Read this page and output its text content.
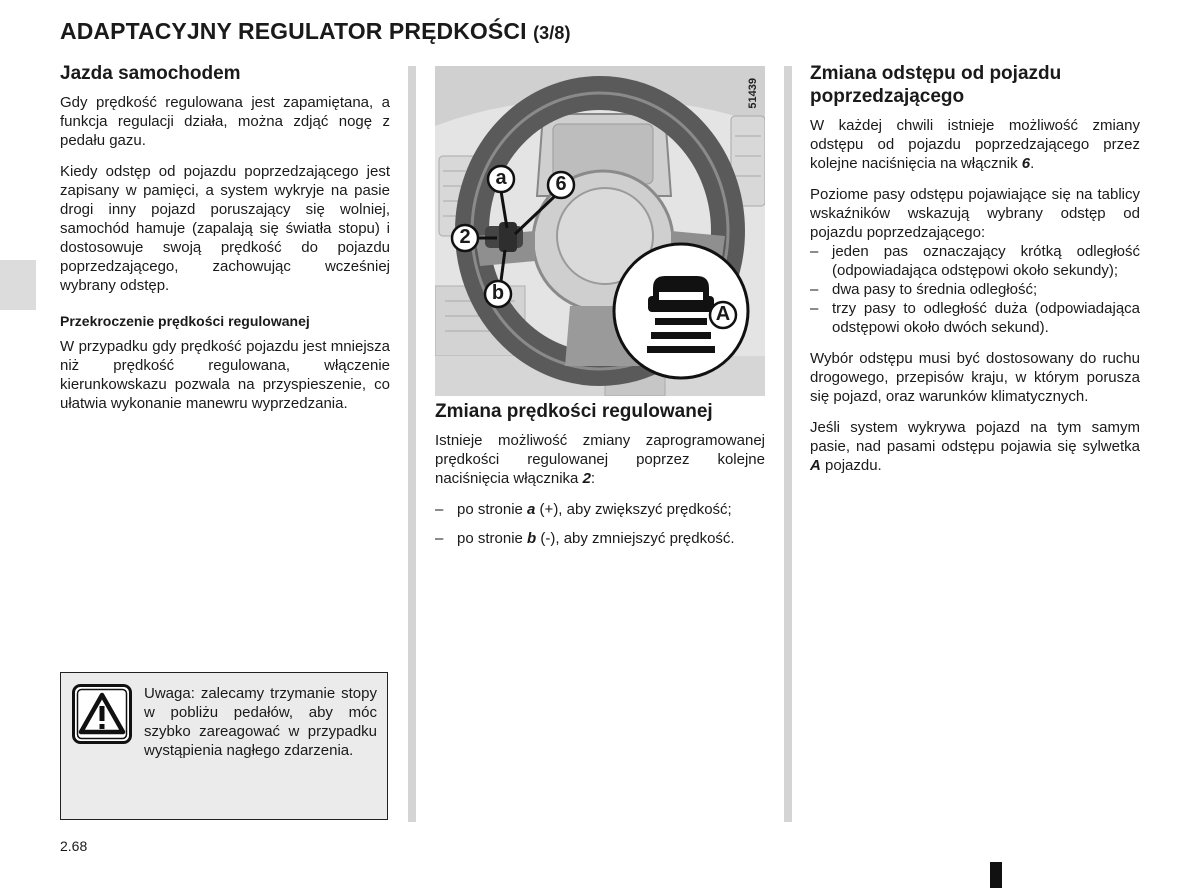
ADAPTACYJNY REGULATOR PRĘDKOŚCI (3/8)
Jazda samochodem

Gdy prędkość regulowana jest zapamiętana, a funkcja regulacji działa, można zdjąć nogę z pedału gazu.

Kiedy odstęp od pojazdu poprzedzającego jest zapisany w pamięci, a system wykryje na pasie drogi inny pojazd poruszający się wolniej, samochód hamuje (zapalają się światła stopu) i dostosowuje swoją prędkość do pojazdu poprzedzającego, zachowując wcześniej wybrany odstęp.

Przekroczenie prędkości regulowanej

W przypadku gdy prędkość pojazdu jest mniejsza niż prędkość regulowana, włączenie kierunkowskazu pozwala na przyspieszenie, co ułatwia wykonanie manewru wyprzedzania.

Uwaga: zalecamy trzymanie stopy w pobliżu pedałów, aby móc szybko zareagować w przypadku wystąpienia nagłego zdarzenia.
51439
a	6
2
b
A
Zmiana prędkości regulowanej

Istnieje możliwość zmiany zaprogramowanej prędkości regulowanej poprzez kolejne naciśnięcia włącznika 2:

– po stronie a (+), aby zwiększyć prędkość;
– po stronie b (-), aby zmniejszyć prędkość.
Zmiana odstępu od pojazdu poprzedzającego

W każdej chwili istnieje możliwość zmiany odstępu od pojazdu poprzedzającego przez kolejne naciśnięcia na włącznik 6.

Poziome pasy odstępu pojawiające się na tablicy wskaźników wskazują wybrany odstęp od pojazdu poprzedzającego:

– jeden pas oznaczający krótką odległość (odpowiadająca odstępowi około sekundy);
– dwa pasy to średnia odległość;
– trzy pasy to odległość duża (odpowiadająca odstępowi około dwóch sekund).

Wybór odstępu musi być dostosowany do ruchu drogowego, przepisów kraju, w którym porusza się pojazd, oraz warunków klimatycznych.

Jeśli system wykrywa pojazd na tym samym pasie, nad pasami odstępu pojawia się sylwetka A pojazdu.

2.68
